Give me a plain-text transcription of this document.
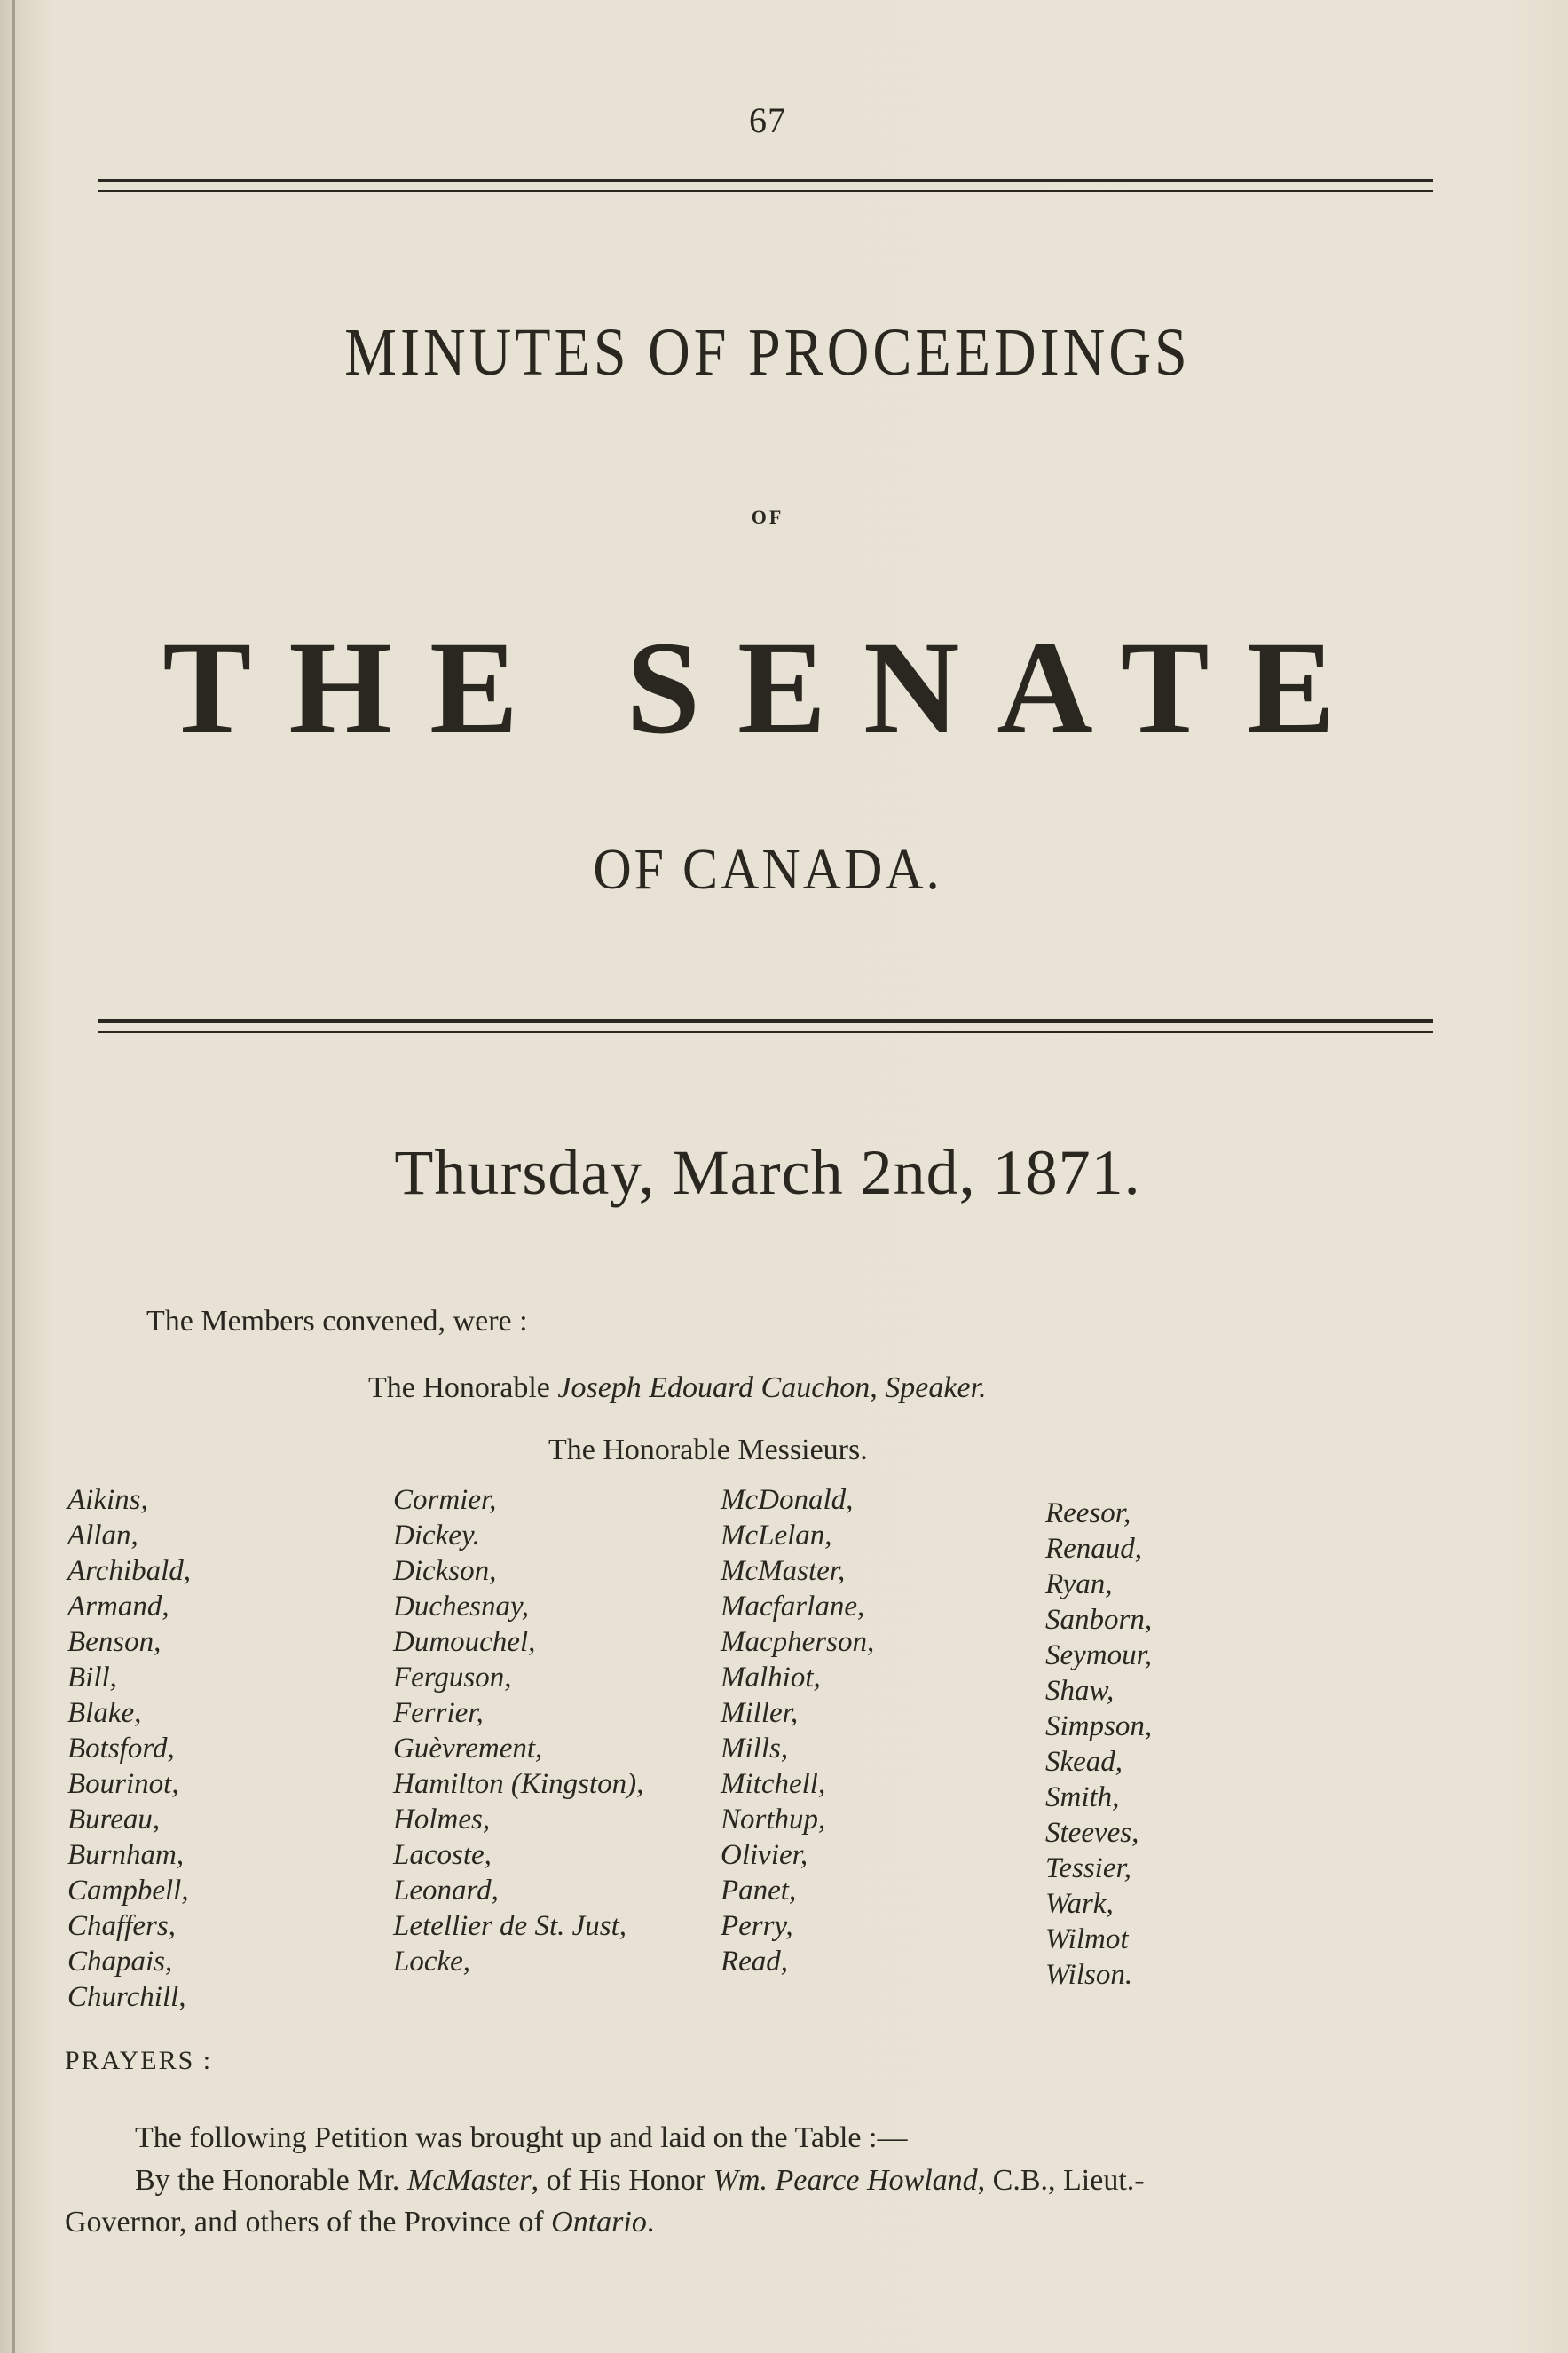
67
MINUTES OF PROCEEDINGS
OF
THE SENATE
OF CANADA.
Thursday, March 2nd, 1871.
The Members convened, were :
The Honorable Joseph Edouard Cauchon, Speaker.
The Honorable Messieurs.
Aikins,
Allan,
Archibald,
Armand,
Benson,
Bill,
Blake,
Botsford,
Bourinot,
Bureau,
Burnham,
Campbell,
Chaffers,
Chapais,
Churchill,
Cormier,
Dickey.
Dickson,
Duchesnay,
Dumouchel,
Ferguson,
Ferrier,
Guèvrement,
Hamilton (Kingston),
Holmes,
Lacoste,
Leonard,
Letellier de St. Just,
Locke,
McDonald,
McLelan,
McMaster,
Macfarlane,
Macpherson,
Malhiot,
Miller,
Mills,
Mitchell,
Northup,
Olivier,
Panet,
Perry,
Read,
Reesor,
Renaud,
Ryan,
Sanborn,
Seymour,
Shaw,
Simpson,
Skead,
Smith,
Steeves,
Tessier,
Wark,
Wilmot
Wilson.
PRAYERS :
The following Petition was brought up and laid on the Table :—
By the Honorable Mr. McMaster, of His Honor Wm. Pearce Howland, C.B., Lieut.-
Governor, and others of the Province of Ontario.
